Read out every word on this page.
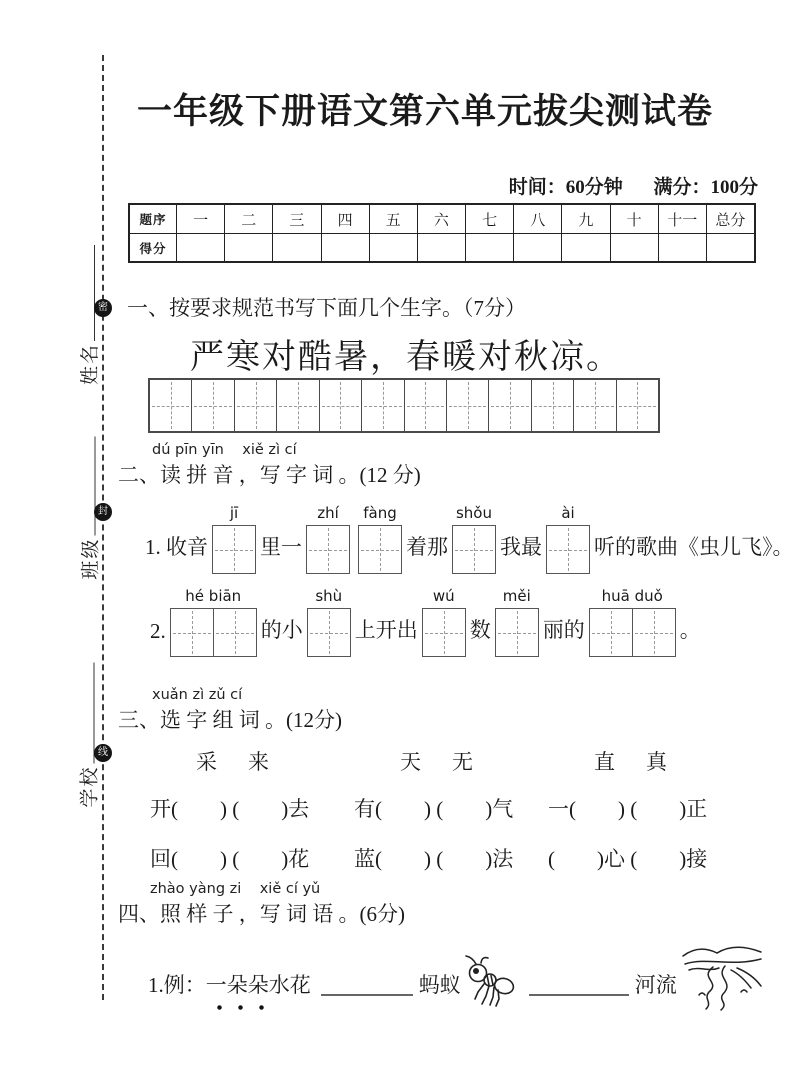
姓名
班级
学校
密
封
线
一年级下册语文第六单元拔尖测试卷
时间：60分钟 满分：100分
题序	一	二	三	四	五	六	七	八	九	十	十一	总分
得分
一、按要求规范书写下面几个生字。（7分）
严寒对酷暑，春暖对秋凉。
dú pīn yīn    xiě zì cí
二、读 拼 音 ，写 字 词 。(12 分)
1. 收音
jī
里一
zhí fàng
着那
shǒu
我最
ài
听的歌曲《虫儿飞》。
2.
hé biān
的小
shù
上开出
wú
数
měi
丽的
huā duǒ
。
xuǎn zì zǔ cí
三、选 字 组 词 。(12分)
采 来
开(　　) (　　)去
回(　　) (　　)花
天 无
有(　　) (　　)气
蓝(　　) (　　)法
直 真
一(　　) (　　)正
(　　)心 (　　)接
zhào yàng zi    xiě cí yǔ
四、照 样 子 ，写 词 语 。(6分)
1.例： 一朵朵 水花	蚂蚁	河流
